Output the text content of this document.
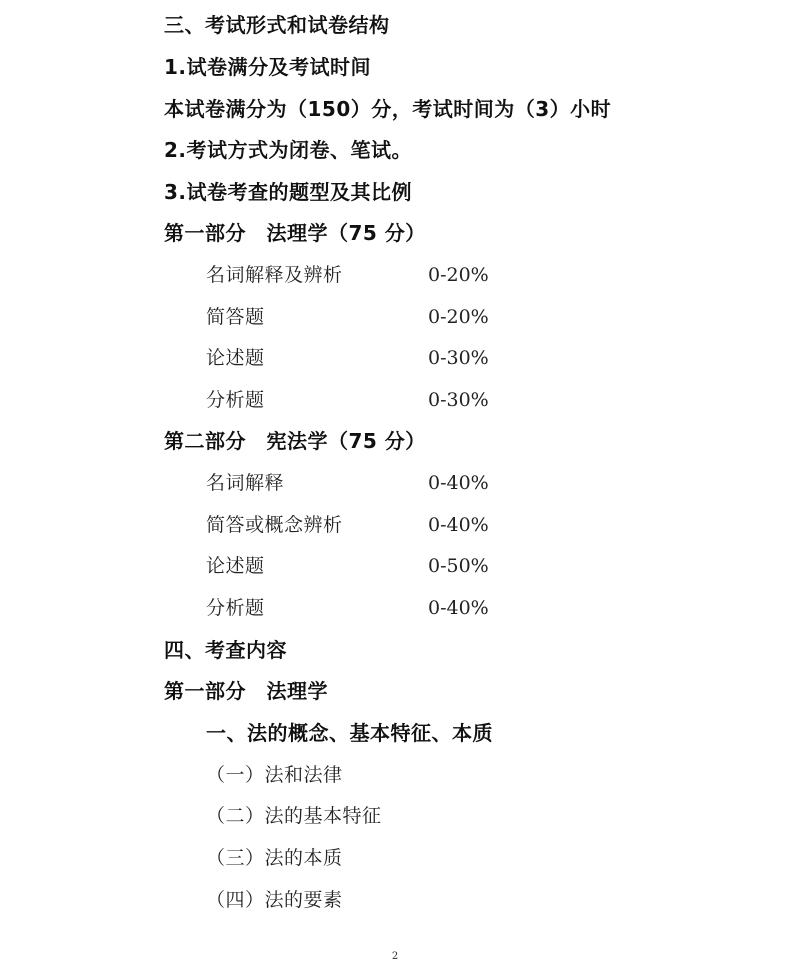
三、考试形式和试卷结构
1.试卷满分及考试时间
本试卷满分为（150）分，考试时间为（3）小时
2.考试方式为闭卷、笔试。
3.试卷考查的题型及其比例
第一部分　法理学（75 分）
名词解释及辨析	0-20%
简答题	0-20%
论述题	0-30%
分析题	0-30%
第二部分　宪法学（75 分）
名词解释	0-40%
简答或概念辨析	0-40%
论述题	0-50%
分析题	0-40%
四、考查内容
第一部分　法理学
一、法的概念、基本特征、本质
（一）法和法律
（二）法的基本特征
（三）法的本质
（四）法的要素
2
